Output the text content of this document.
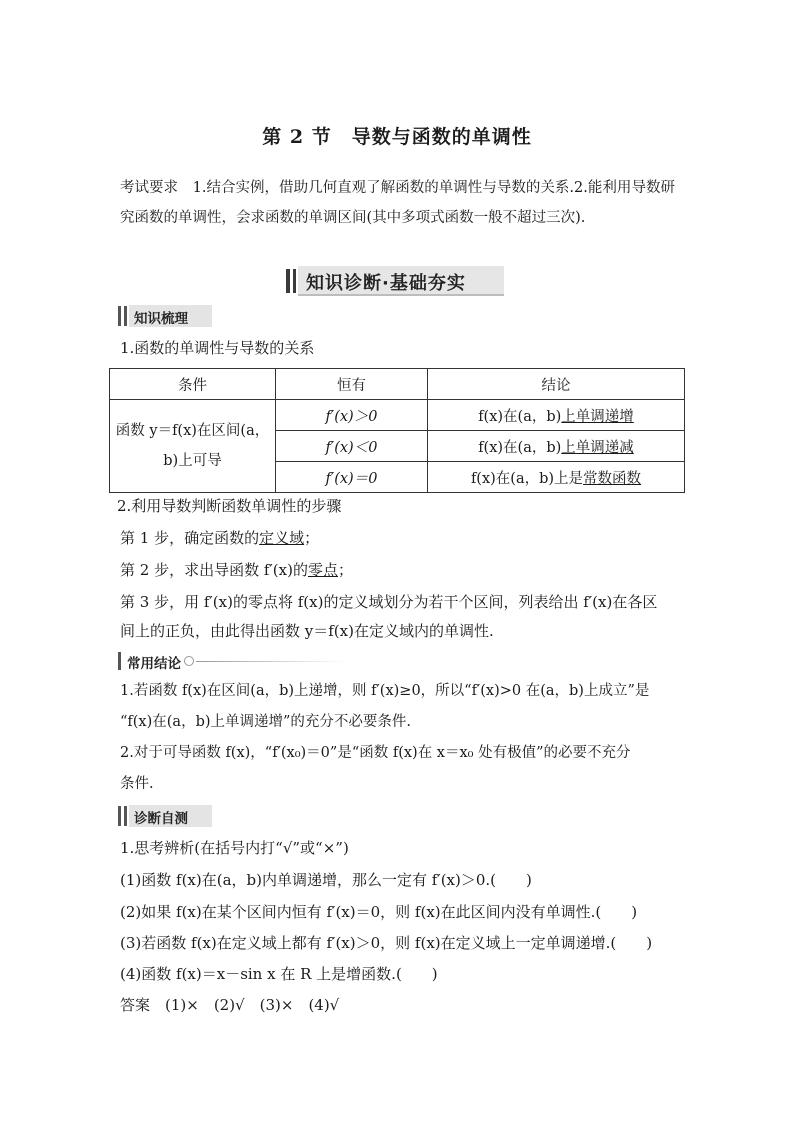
第 2 节　导数与函数的单调性
考试要求　1.结合实例，借助几何直观了解函数的单调性与导数的关系.2.能利用导数研究函数的单调性，会求函数的单调区间(其中多项式函数一般不超过三次).
知识诊断·基础夯实
知识梳理
1.函数的单调性与导数的关系
条件	恒有	结论

函数 y＝f(x)在区间(a，
b)上可导	f′(x)＞0	f(x)在(a，b)上单调递增
	f′(x)＜0	f(x)在(a，b)上单调递减
	f′(x)＝0	f(x)在(a，b)上是常数函数
2.利用导数判断函数单调性的步骤
第 1 步，确定函数的定义域；
第 2 步，求出导函数 f′(x)的零点；
第 3 步，用 f′(x)的零点将 f(x)的定义域划分为若干个区间，列表给出 f′(x)在各区
间上的正负，由此得出函数 y＝f(x)在定义域内的单调性.
常用结论
1.若函数 f(x)在区间(a，b)上递增，则 f′(x)≥0，所以“f′(x)>0 在(a，b)上成立”是
“f(x)在(a，b)上单调递增”的充分不必要条件.
2.对于可导函数 f(x)，“f′(x₀)＝0”是“函数 f(x)在 x＝x₀ 处有极值”的必要不充分
条件.
诊断自测
1.思考辨析(在括号内打“√”或“×”)
(1)函数 f(x)在(a，b)内单调递增，那么一定有 f′(x)＞0.(　　)
(2)如果 f(x)在某个区间内恒有 f′(x)＝0，则 f(x)在此区间内没有单调性.(　　)
(3)若函数 f(x)在定义域上都有 f′(x)＞0，则 f(x)在定义域上一定单调递增.(　　)
(4)函数 f(x)＝x－sin x 在 R 上是增函数.(　　)
答案　(1)×　(2)√　(3)×　(4)√
